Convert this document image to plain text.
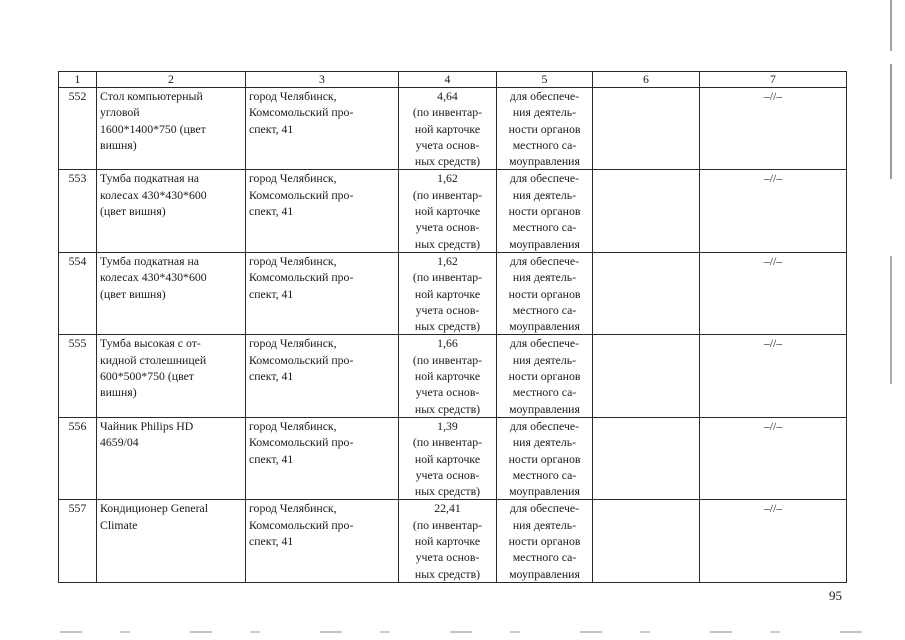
1	2	3	4	5	6	7
552	Стол компьютерный
угловой
1600*1400*750 (цвет
вишня)	город Челябинск,
Комсомольский про-
спект, 41	4,64
(по инвентар-
ной карточке
учета основ-
ных средств)	для обеспече-
ния деятель-
ности органов
местного са-
моуправления		–//–
553	Тумба подкатная на
колесах 430*430*600
(цвет вишня)	город Челябинск,
Комсомольский про-
спект, 41	1,62
(по инвентар-
ной карточке
учета основ-
ных средств)	для обеспече-
ния деятель-
ности органов
местного са-
моуправления		–//–
554	Тумба подкатная на
колесах 430*430*600
(цвет вишня)	город Челябинск,
Комсомольский про-
спект, 41	1,62
(по инвентар-
ной карточке
учета основ-
ных средств)	для обеспече-
ния деятель-
ности органов
местного са-
моуправления		–//–
555	Тумба высокая с от-
кидной столешницей
600*500*750 (цвет
вишня)	город Челябинск,
Комсомольский про-
спект, 41	1,66
(по инвентар-
ной карточке
учета основ-
ных средств)	для обеспече-
ния деятель-
ности органов
местного са-
моуправления		–//–
556	Чайник Philips HD
4659/04	город Челябинск,
Комсомольский про-
спект, 41	1,39
(по инвентар-
ной карточке
учета основ-
ных средств)	для обеспече-
ния деятель-
ности органов
местного са-
моуправления		–//–
557	Кондиционер General
Climate	город Челябинск,
Комсомольский про-
спект, 41	22,41
(по инвентар-
ной карточке
учета основ-
ных средств)	для обеспече-
ния деятель-
ности органов
местного са-
моуправления		–//–
95
